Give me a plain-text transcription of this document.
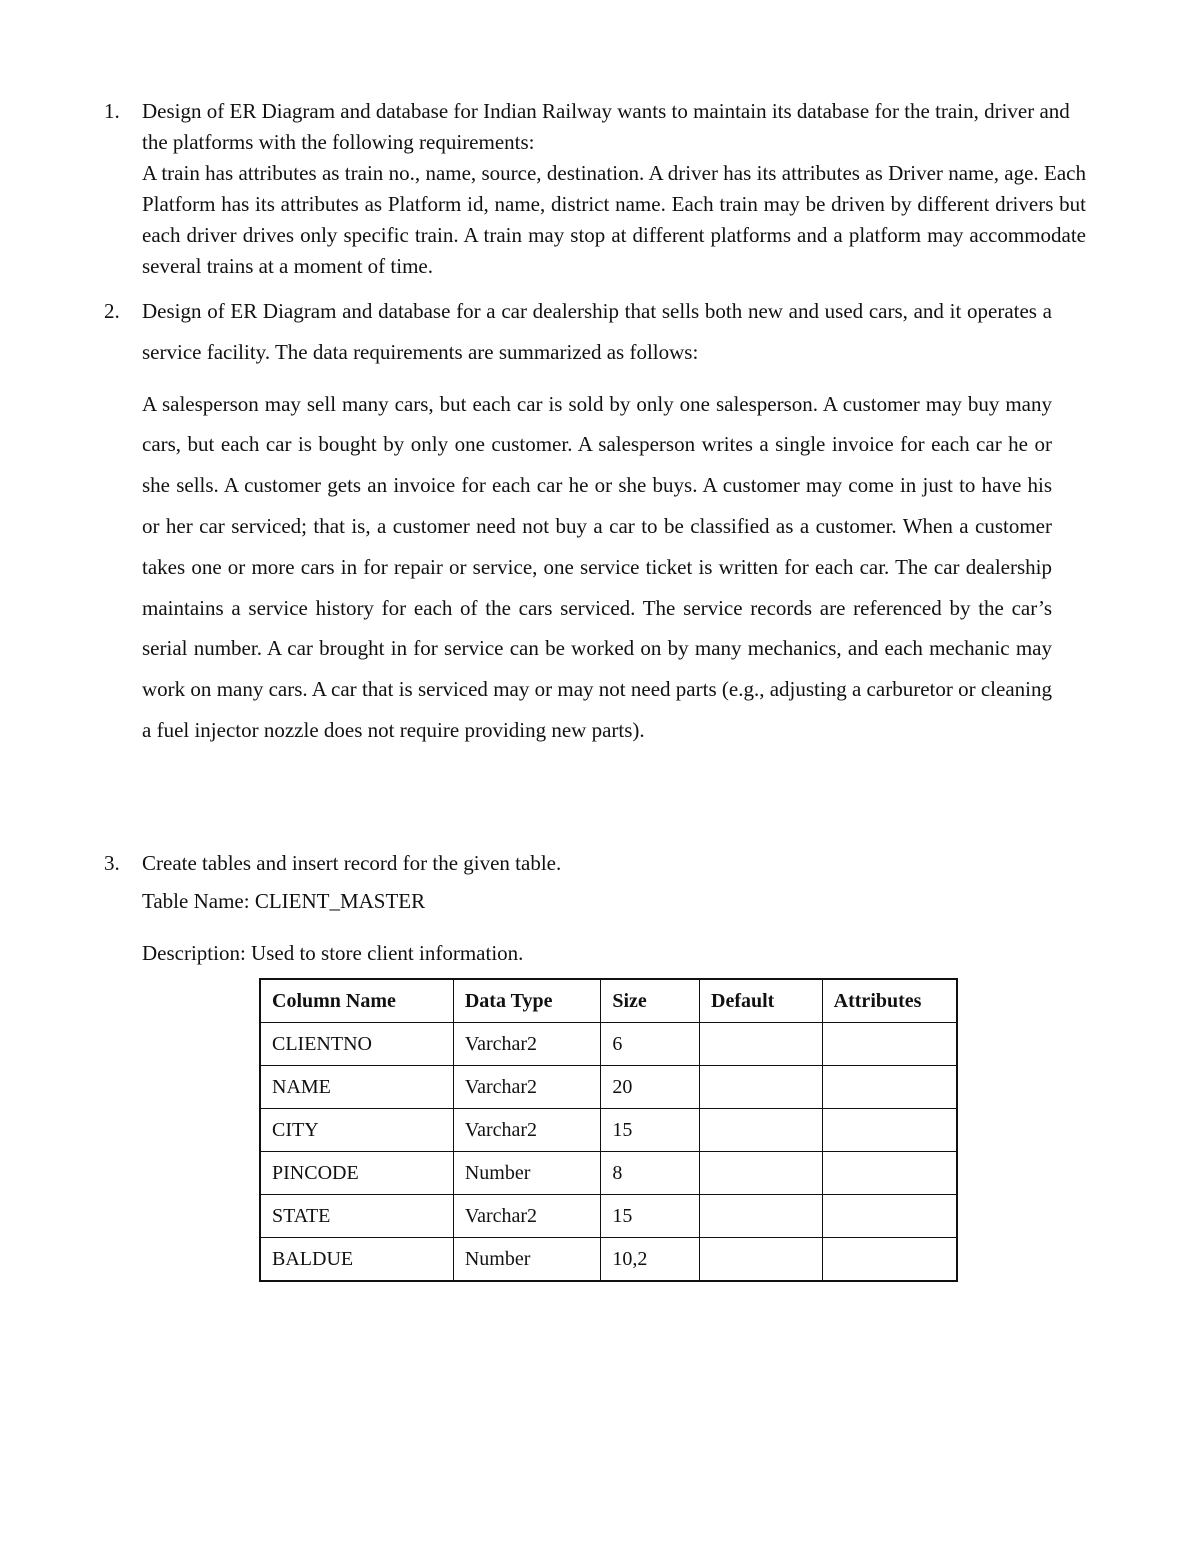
1.	Design of ER Diagram and database for Indian Railway wants to maintain its database for the train, driver and the platforms with the following requirements:

A train has attributes as train no., name, source, destination. A driver has its attributes as Driver name, age. Each Platform has its attributes as Platform id, name, district name. Each train may be driven by different drivers but each driver drives only specific train. A train may stop at different platforms and a platform may accommodate several trains at a moment of time.

2.	Design of ER Diagram and database for a car dealership that sells both new and used cars, and it operates a service facility. The data requirements are summarized as follows:

A salesperson may sell many cars, but each car is sold by only one salesperson. A customer may buy many cars, but each car is bought by only one customer. A salesperson writes a single invoice for each car he or she sells. A customer gets an invoice for each car he or she buys. A customer may come in just to have his or her car serviced; that is, a customer need not buy a car to be classified as a customer. When a customer takes one or more cars in for repair or service, one service ticket is written for each car. The car dealership maintains a service history for each of the cars serviced. The service records are referenced by the car’s serial number. A car brought in for service can be worked on by many mechanics, and each mechanic may work on many cars. A car that is serviced may or may not need parts (e.g., adjusting a carburetor or cleaning a fuel injector nozzle does not require providing new parts).

3.	Create tables and insert record for the given table.
Table Name: CLIENT_MASTER
Description: Used to store client information.
Column Name	Data Type	Size	Default	Attributes
CLIENTNO	Varchar2	6		
NAME	Varchar2	20		
CITY	Varchar2	15		
PINCODE	Number	8		
STATE	Varchar2	15		
BALDUE	Number	10,2		
